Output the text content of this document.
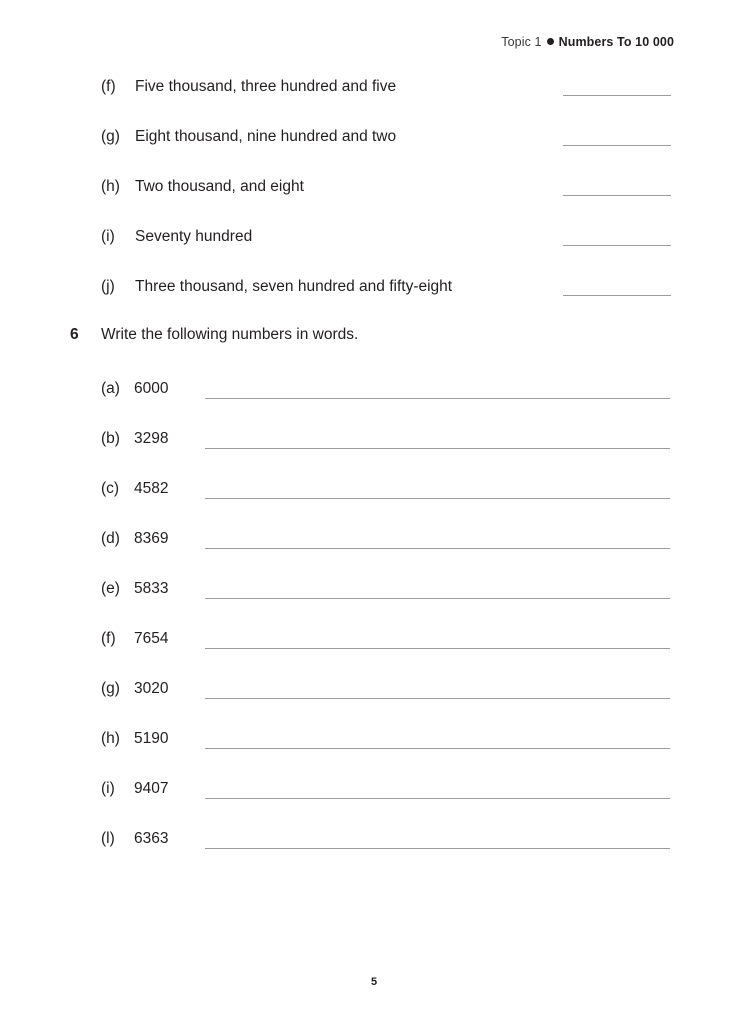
Topic 1 Numbers To 10 000
(f)	Five thousand, three hundred and five
(g) Eight thousand, nine hundred and two
(h) Two thousand, and eight
(i)	Seventy hundred
(j)	Three thousand, seven hundred and fifty-eight
6 Write the following numbers in words.
(a) 6000
(b) 3298
(c) 4582
(d) 8369
(e) 5833
(f)	7654
(g) 3020
(h) 5190
(i)	9407
(l)	6363
5
